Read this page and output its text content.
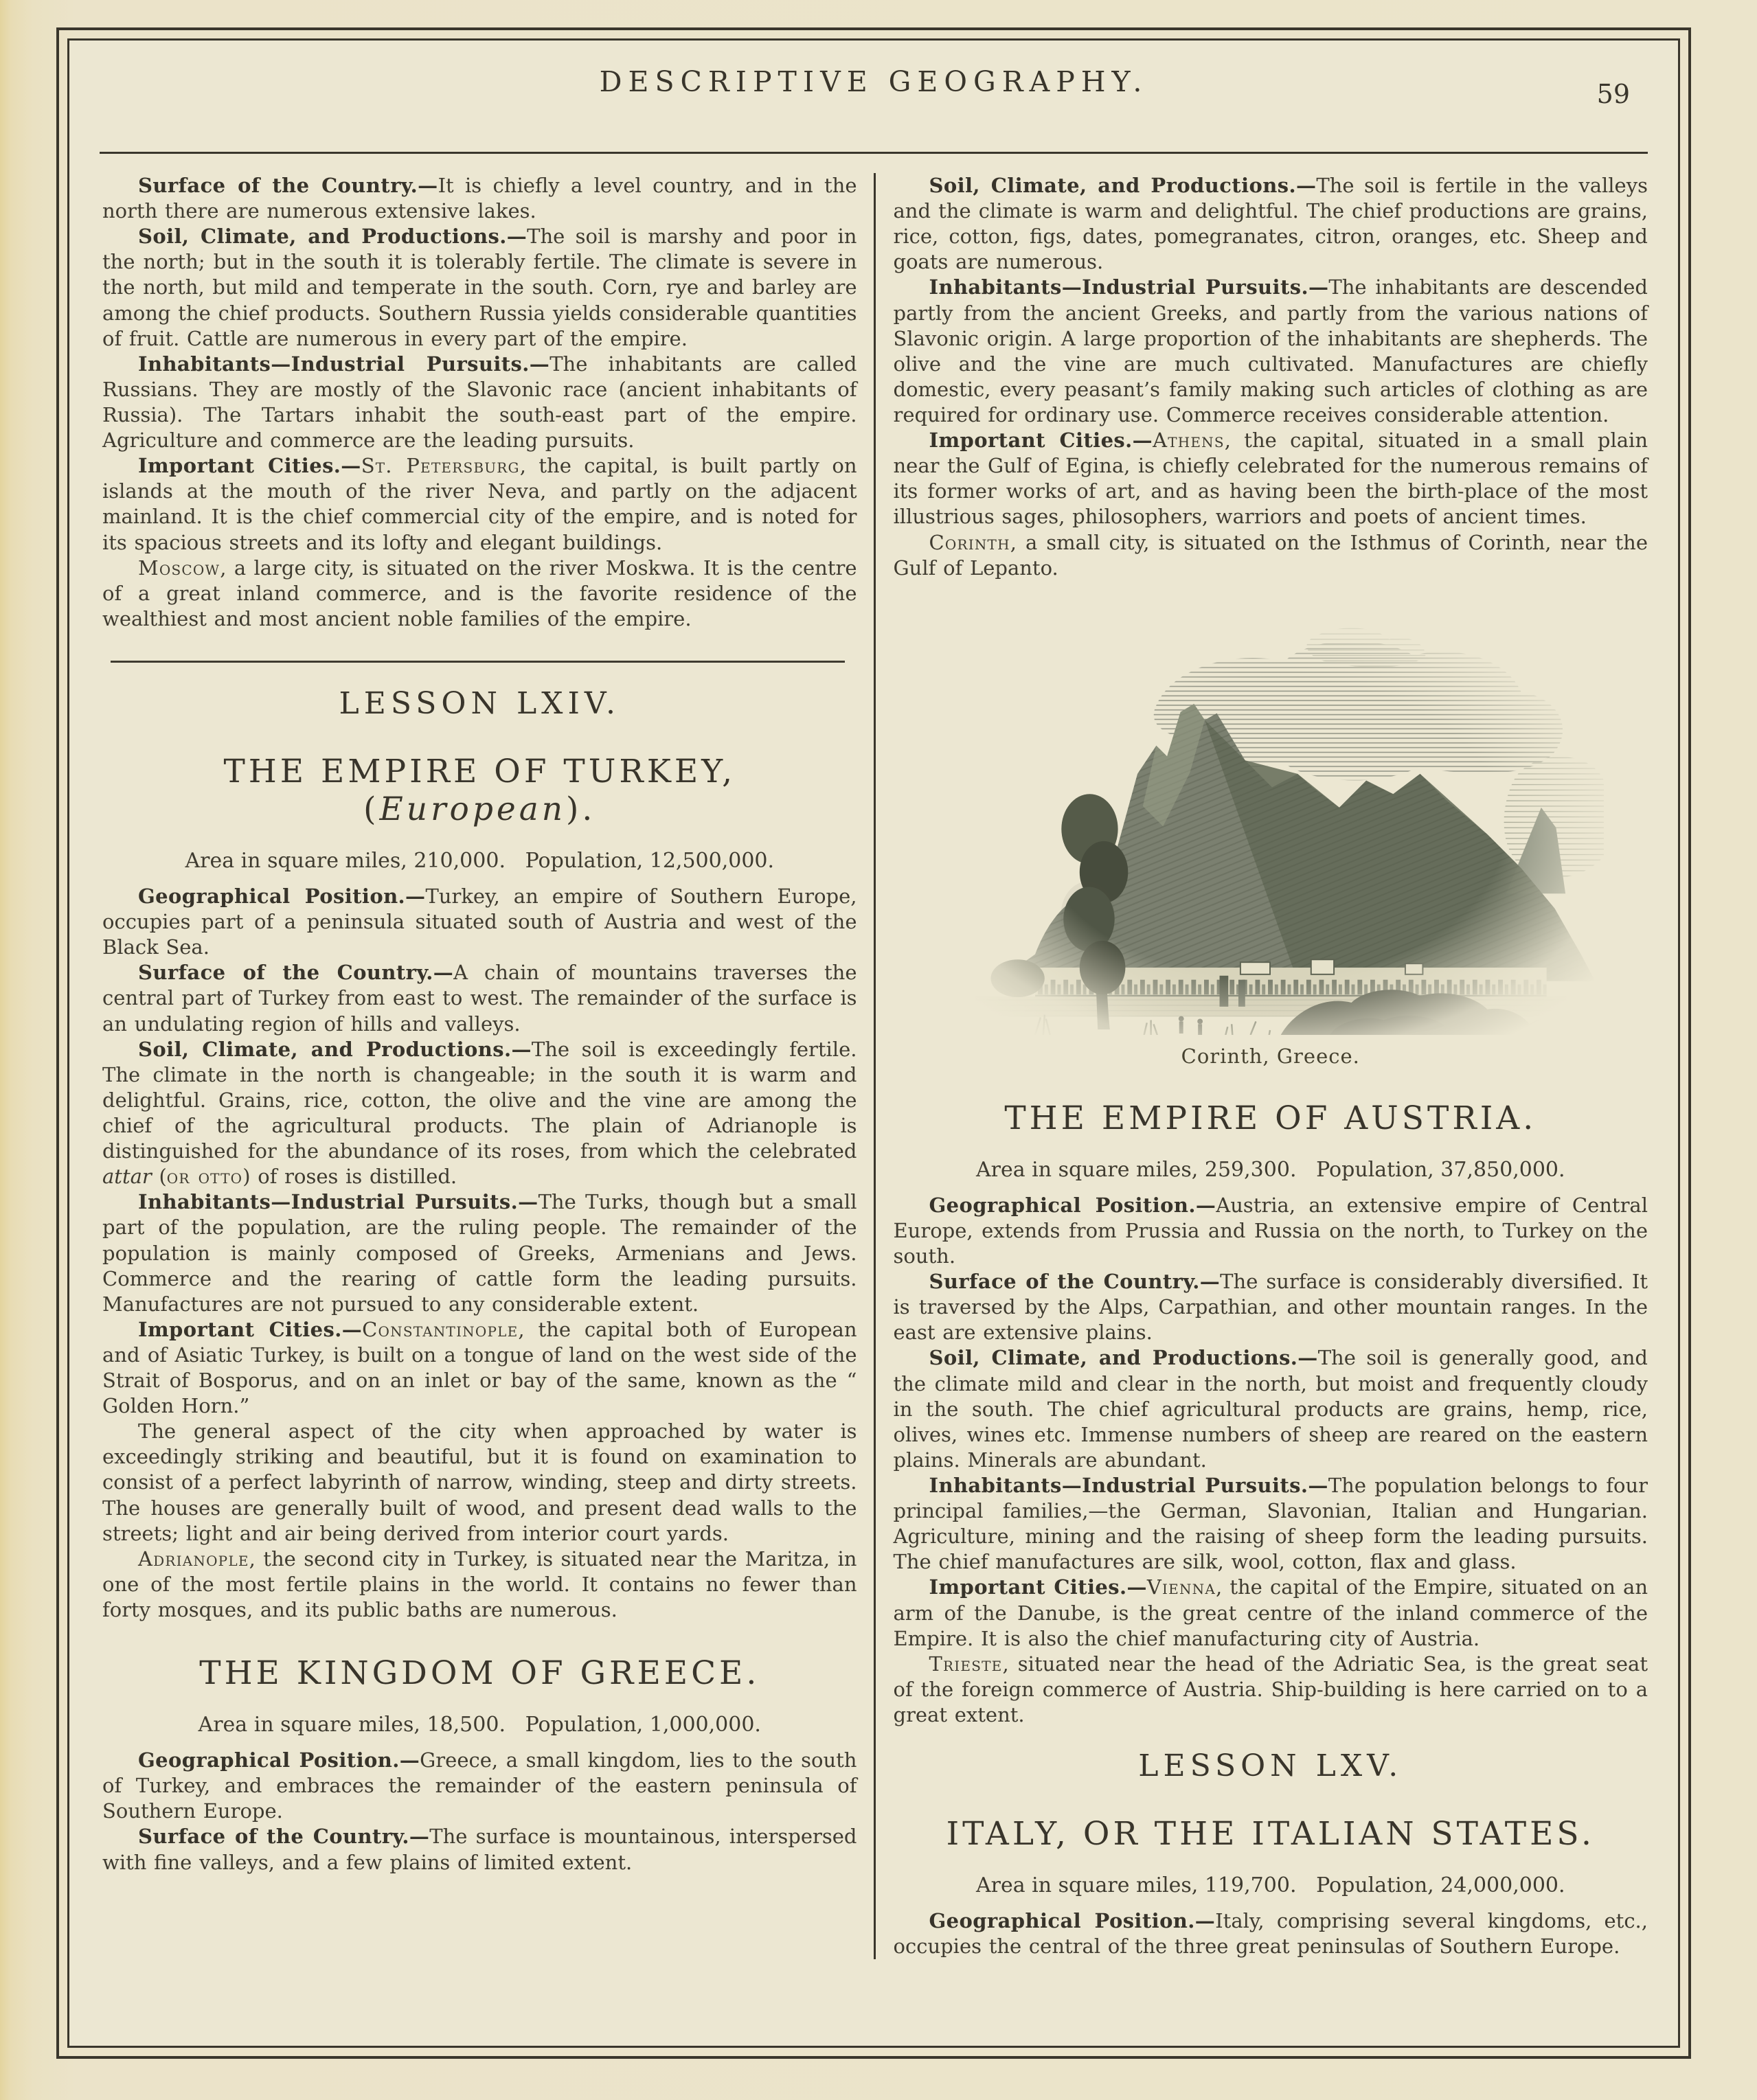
DESCRIPTIVE GEOGRAPHY.	59

Surface of the Country.—It is chiefly a level country, and in the north there are numerous extensive lakes.

Soil, Climate, and Productions.—The soil is marshy and poor in the north; but in the south it is tolerably fertile. The climate is severe in the north, but mild and temperate in the south. Corn, rye and barley are among the chief products. Southern Russia yields considerable quantities of fruit. Cattle are numerous in every part of the empire.

Inhabitants—Industrial Pursuits.—The inhabitants are called Russians. They are mostly of the Slavonic race (ancient inhabitants of Russia). The Tartars inhabit the south-east part of the empire. Agriculture and commerce are the leading pursuits.

Important Cities.—St. Petersburg, the capital, is built partly on islands at the mouth of the river Neva, and partly on the adjacent mainland. It is the chief commercial city of the empire, and is noted for its spacious streets and its lofty and elegant buildings.

Moscow, a large city, is situated on the river Moskwa. It is the centre of a great inland commerce, and is the favorite residence of the wealthiest and most ancient noble families of the empire.

LESSON LXIV.
THE EMPIRE OF TURKEY, (European).
Area in square miles, 210,000.   Population, 12,500,000.

Geographical Position.—Turkey, an empire of Southern Europe, occupies part of a peninsula situated south of Austria and west of the Black Sea.

Surface of the Country.—A chain of mountains traverses the central part of Turkey from east to west. The remainder of the surface is an undulating region of hills and valleys.

Soil, Climate, and Productions.—The soil is exceedingly fertile. The climate in the north is changeable; in the south it is warm and delightful. Grains, rice, cotton, the olive and the vine are among the chief of the agricultural products. The plain of Adrianople is distinguished for the abundance of its roses, from which the celebrated attar (or otto) of roses is distilled.

Inhabitants—Industrial Pursuits.—The Turks, though but a small part of the population, are the ruling people. The remainder of the population is mainly composed of Greeks, Armenians and Jews. Commerce and the rearing of cattle form the leading pursuits. Manufactures are not pursued to any considerable extent.

Important Cities.—Constantinople, the capital both of European and of Asiatic Turkey, is built on a tongue of land on the west side of the Strait of Bosporus, and on an inlet or bay of the same, known as the “ Golden Horn.”

The general aspect of the city when approached by water is exceedingly striking and beautiful, but it is found on examination to consist of a perfect labyrinth of narrow, winding, steep and dirty streets. The houses are generally built of wood, and present dead walls to the streets; light and air being derived from interior court yards.

Adrianople, the second city in Turkey, is situated near the Maritza, in one of the most fertile plains in the world. It contains no fewer than forty mosques, and its public baths are numerous.

THE KINGDOM OF GREECE.
Area in square miles, 18,500.   Population, 1,000,000.

Geographical Position.—Greece, a small kingdom, lies to the south of Turkey, and embraces the remainder of the eastern peninsula of Southern Europe.

Surface of the Country.—The surface is mountainous, interspersed with fine valleys, and a few plains of limited extent.

Soil, Climate, and Productions.—The soil is fertile in the valleys and the climate is warm and delightful. The chief productions are grains, rice, cotton, figs, dates, pomegranates, citron, oranges, etc. Sheep and goats are numerous.

Inhabitants—Industrial Pursuits.—The inhabitants are descended partly from the ancient Greeks, and partly from the various nations of Slavonic origin. A large proportion of the inhabitants are shepherds. The olive and the vine are much cultivated. Manufactures are chiefly domestic, every peasant’s family making such articles of clothing as are required for ordinary use. Commerce receives considerable attention.

Important Cities.—Athens, the capital, situated in a small plain near the Gulf of Egina, is chiefly celebrated for the numerous remains of its former works of art, and as having been the birth-place of the most illustrious sages, philosophers, warriors and poets of ancient times.

Corinth, a small city, is situated on the Isthmus of Corinth, near the Gulf of Lepanto.

Corinth, Greece.
THE EMPIRE OF AUSTRIA.
Area in square miles, 259,300.   Population, 37,850,000.

Geographical Position.—Austria, an extensive empire of Central Europe, extends from Prussia and Russia on the north, to Turkey on the south.

Surface of the Country.—The surface is considerably diversified. It is traversed by the Alps, Carpathian, and other mountain ranges. In the east are extensive plains.

Soil, Climate, and Productions.—The soil is generally good, and the climate mild and clear in the north, but moist and frequently cloudy in the south. The chief agricultural products are grains, hemp, rice, olives, wines etc. Immense numbers of sheep are reared on the eastern plains. Minerals are abundant.

Inhabitants—Industrial Pursuits.—The population belongs to four principal families,—the German, Slavonian, Italian and Hungarian. Agriculture, mining and the raising of sheep form the leading pursuits. The chief manufactures are silk, wool, cotton, flax and glass.

Important Cities.—Vienna, the capital of the Empire, situated on an arm of the Danube, is the great centre of the inland commerce of the Empire. It is also the chief manufacturing city of Austria.

Trieste, situated near the head of the Adriatic Sea, is the great seat of the foreign commerce of Austria. Ship-building is here carried on to a great extent.

LESSON LXV.
ITALY, OR THE ITALIAN STATES.
Area in square miles, 119,700.   Population, 24,000,000.

Geographical Position.—Italy, comprising several kingdoms, etc., occupies the central of the three great peninsulas of Southern Europe.
